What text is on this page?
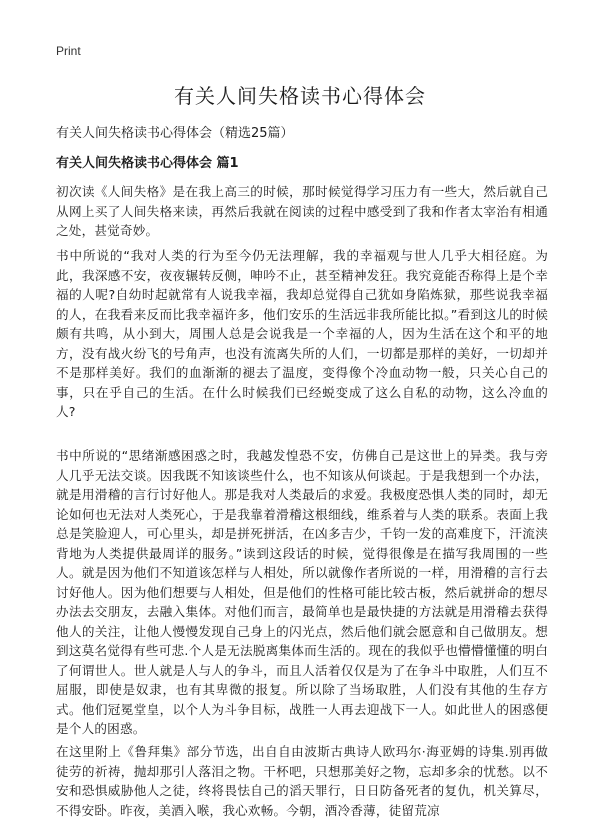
Print
有关人间失格读书心得体会

有关人间失格读书心得体会（精选25篇）

有关人间失格读书心得体会 篇1

初次读《人间失格》是在我上高三的时候，那时候觉得学习压力有一些大，然后就自己从网上买了人间失格来读，再然后我就在阅读的过程中感受到了我和作者太宰治有相通之处，甚觉奇妙。

书中所说的“我对人类的行为至今仍无法理解，我的幸福观与世人几乎大相径庭。为此，我深感不安，夜夜辗转反侧，呻吟不止，甚至精神发狂。我究竟能否称得上是个幸福的人呢?自幼时起就常有人说我幸福，我却总觉得自己犹如身陷炼狱，那些说我幸福的人，在我看来反而比我幸福许多，他们安乐的生活远非我所能比拟。”看到这儿的时候颇有共鸣，从小到大，周围人总是会说我是一个幸福的人，因为生活在这个和平的地方，没有战火纷飞的号角声，也没有流离失所的人们，一切都是那样的美好，一切却并不是那样美好。我们的血渐渐的褪去了温度，变得像个冷血动物一般，只关心自己的事，只在乎自己的生活。在什么时候我们已经蜕变成了这么自私的动物，这么冷血的人?

书中所说的“思绪渐感困惑之时，我越发惶恐不安，仿佛自己是这世上的异类。我与旁人几乎无法交谈。因我既不知该谈些什么，也不知该从何谈起。于是我想到一个办法，就是用滑稽的言行讨好他人。那是我对人类最后的求爱。我极度恐惧人类的同时，却无论如何也无法对人类死心，于是我靠着滑稽这根细线，维系着与人类的联系。表面上我总是笑脸迎人，可心里头，却是拼死拼活，在凶多吉少，千钧一发的高难度下，汗流浃背地为人类提供最周详的服务。”读到这段话的时候，觉得很像是在描写我周围的一些人。就是因为他们不知道该怎样与人相处，所以就像作者所说的一样，用滑稽的言行去讨好他人。因为他们想要与人相处，但是他们的性格可能比较古板，然后就拼命的想尽办法去交朋友，去融入集体。对他们而言，最简单也是最快捷的方法就是用滑稽去获得他人的关注，让他人慢慢发现自己身上的闪光点，然后他们就会愿意和自己做朋友。想到这莫名觉得有些可悲.个人是无法脱离集体而生活的。现在的我似乎也懵懵懂懂的明白了何谓世人。世人就是人与人的争斗，而且人活着仅仅是为了在争斗中取胜，人们互不屈服，即使是奴隶，也有其卑微的报复。所以除了当场取胜，人们没有其他的生存方式。他们冠冕堂皇，以个人为斗争目标，战胜一人再去迎战下一人。如此世人的困惑便是个人的困惑。

在这里附上《鲁拜集》部分节选，出自自由波斯古典诗人欧玛尔·海亚姆的诗集.别再做徒劳的祈祷，抛却那引人落泪之物。干杯吧，只想那美好之物，忘却多余的忧愁。以不安和恐惧威胁他人之徒，终将畏怯自己的滔天罪行，日日防备死者的复仇，机关算尽，不得安卧。昨夜，美酒入喉，我心欢畅。今朝，酒冷香薄，徒留荒凉
